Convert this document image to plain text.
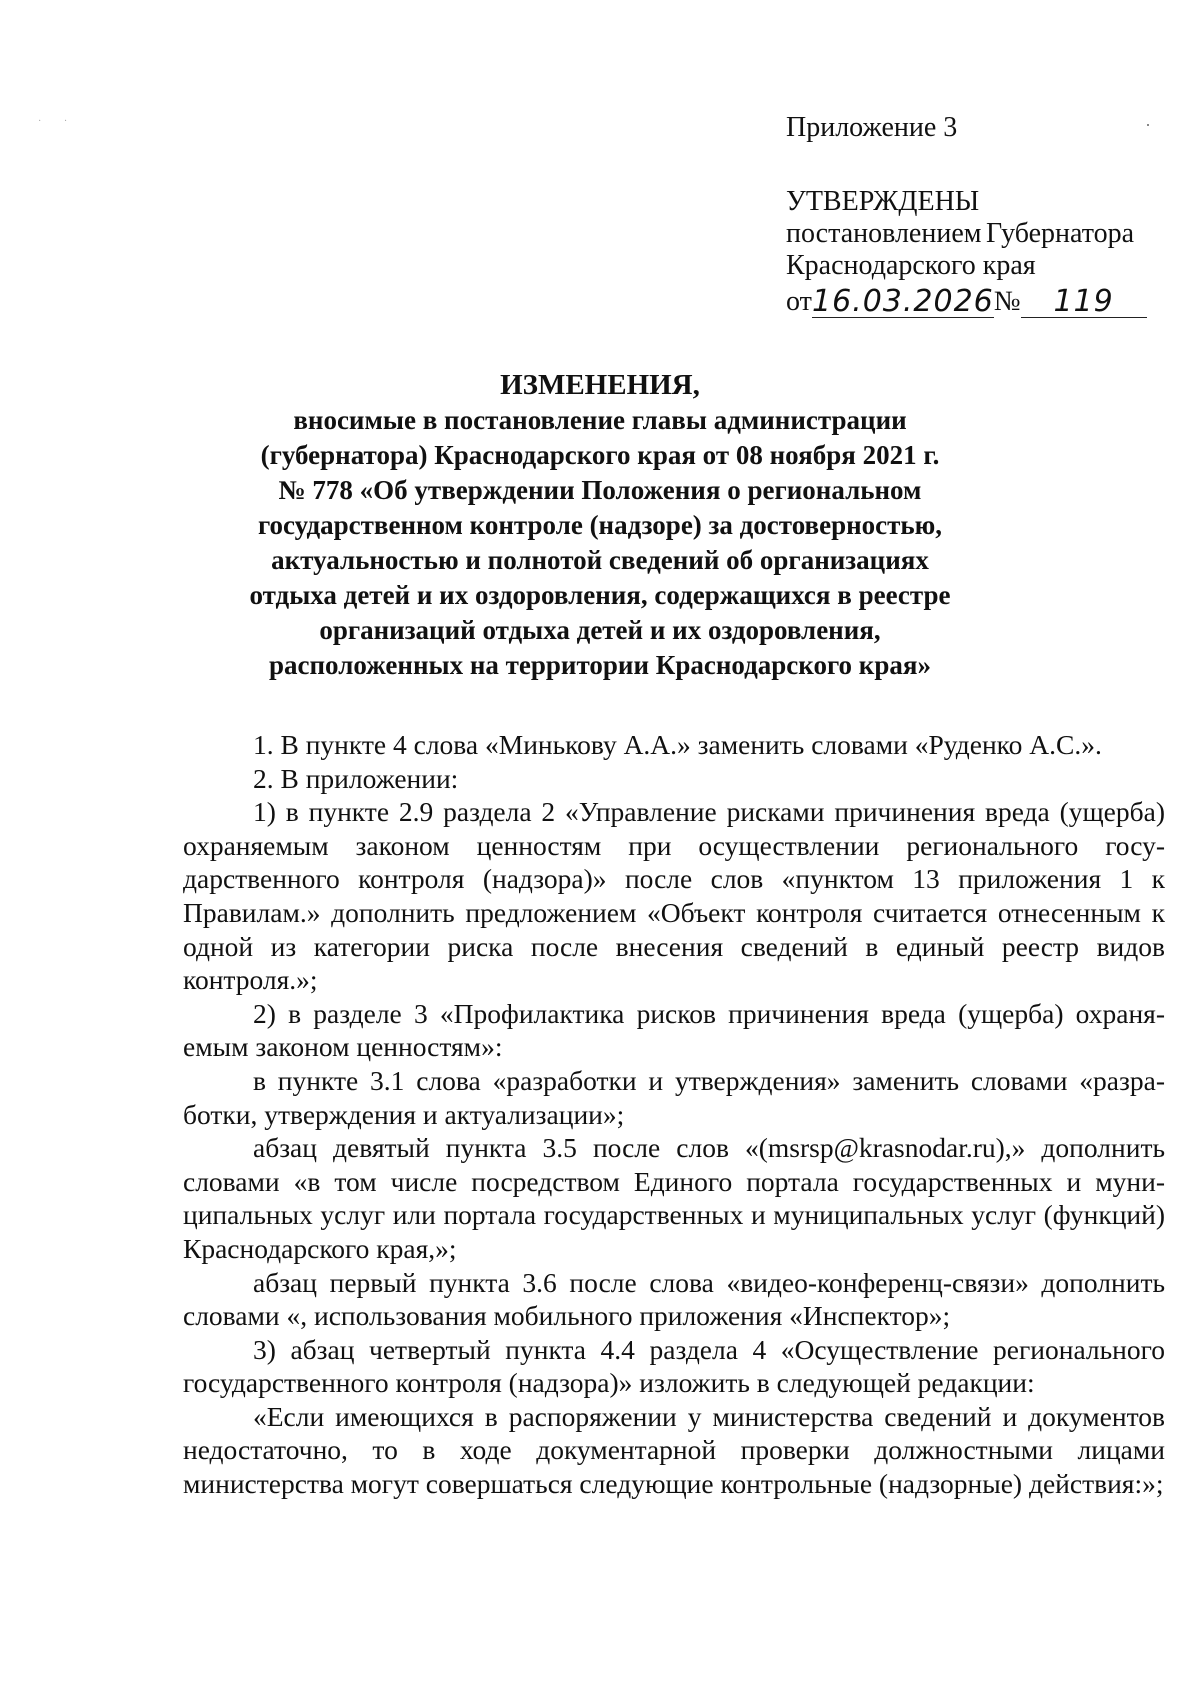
· ·	Приложение 3
УТВЕРЖДЕНЫ
постановлением Губернатора
Краснодарского края
от 16.03.2026 №	119
ИЗМЕНЕНИЯ,
вносимые в постановление главы администрации
(губернатора) Краснодарского края от 08 ноября 2021 г.
№ 778 «Об утверждении Положения о региональном
государственном контроле (надзоре) за достоверностью,
актуальностью и полнотой сведений об организациях
отдыха детей и их оздоровления, содержащихся в реестре
организаций отдыха детей и их оздоровления,
расположенных на территории Краснодарского края»

1. В пункте 4 слова «Минькову А.А.» заменить словами «Руденко А.С.».

2. В приложении:

1) в пункте 2.9 раздела 2 «Управление рисками причинения вреда (ущерба) охраняемым законом ценностям при осуществлении регионального государственного контроля (надзора)» после слов «пунктом 13 приложения 1 к Правилам.» дополнить предложением «Объект контроля считается отнесенным к одной из категории риска после внесения сведений в единый реестр видов контроля.»;

2) в разделе 3 «Профилактика рисков причинения вреда (ущерба) охраняемым законом ценностям»:

в пункте 3.1 слова «разработки и утверждения» заменить словами «разработки, утверждения и актуализации»;

абзац девятый пункта 3.5 после слов «(msrsp@krasnodar.ru),» дополнить словами «в том числе посредством Единого портала государственных и муниципальных услуг или портала государственных и муниципальных услуг (функций) Краснодарского края,»;

абзац первый пункта 3.6 после слова «видео-конференц-связи» дополнить словами «, использования мобильного приложения «Инспектор»;

3) абзац четвертый пункта 4.4 раздела 4 «Осуществление регионального государственного контроля (надзора)» изложить в следующей редакции:

«Если имеющихся в распоряжении у министерства сведений и документов недостаточно, то в ходе документарной проверки должностными лицами министерства могут совершаться следующие контрольные (надзорные) действия:»;
